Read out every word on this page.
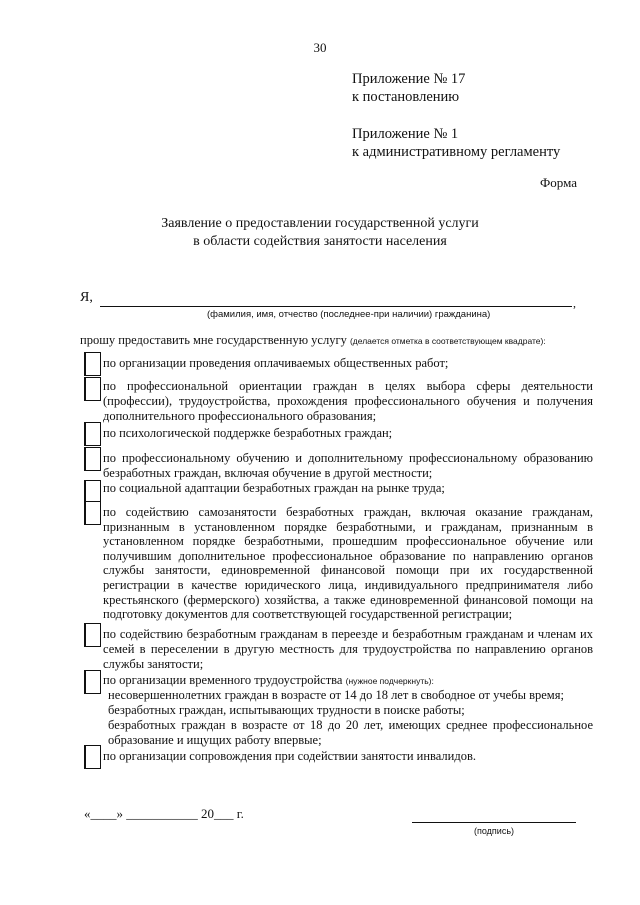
30
Приложение № 17
к постановлению
Приложение № 1
к административному регламенту
Форма
Заявление о предоставлении государственной услуги
в области содействия занятости населения
Я,	,
(фамилия, имя, отчество (последнее-при наличии) гражданина)
прошу предоставить мне государственную услугу (делается отметка в соответствующем квадрате):
по организации проведения оплачиваемых общественных работ;
по профессиональной ориентации граждан в целях выбора сферы деятельности (профессии), трудоустройства, прохождения профессионального обучения и получения дополнительного профессионального образования;
по психологической поддержке безработных граждан;
по профессиональному обучению и дополнительному профессиональному образованию безработных граждан, включая обучение в другой местности;
по социальной адаптации безработных граждан на рынке труда;
по содействию самозанятости безработных граждан, включая оказание гражданам, признанным в установленном порядке безработными, и гражданам, признанным в установленном порядке безработными, прошедшим профессиональное обучение или получившим дополнительное профессиональное образование по направлению органов службы занятости, единовременной финансовой помощи при их государственной регистрации в качестве юридического лица, индивидуального предпринимателя либо крестьянского (фермерского) хозяйства, а также единовременной финансовой помощи на подготовку документов для соответствующей государственной регистрации;
по содействию безработным гражданам в переезде и безработным гражданам и членам их семей в переселении в другую местность для трудоустройства по направлению органов службы занятости;
по организации временного трудоустройства (нужное подчеркнуть):
несовершеннолетних граждан в возрасте от 14 до 18 лет в свободное от учебы время;
безработных граждан, испытывающих трудности в поиске работы;
безработных граждан в возрасте от 18 до 20 лет, имеющих среднее профессиональное образование и ищущих работу впервые;
по организации сопровождения при содействии занятости инвалидов.
«____» ___________ 20___ г.
(подпись)
